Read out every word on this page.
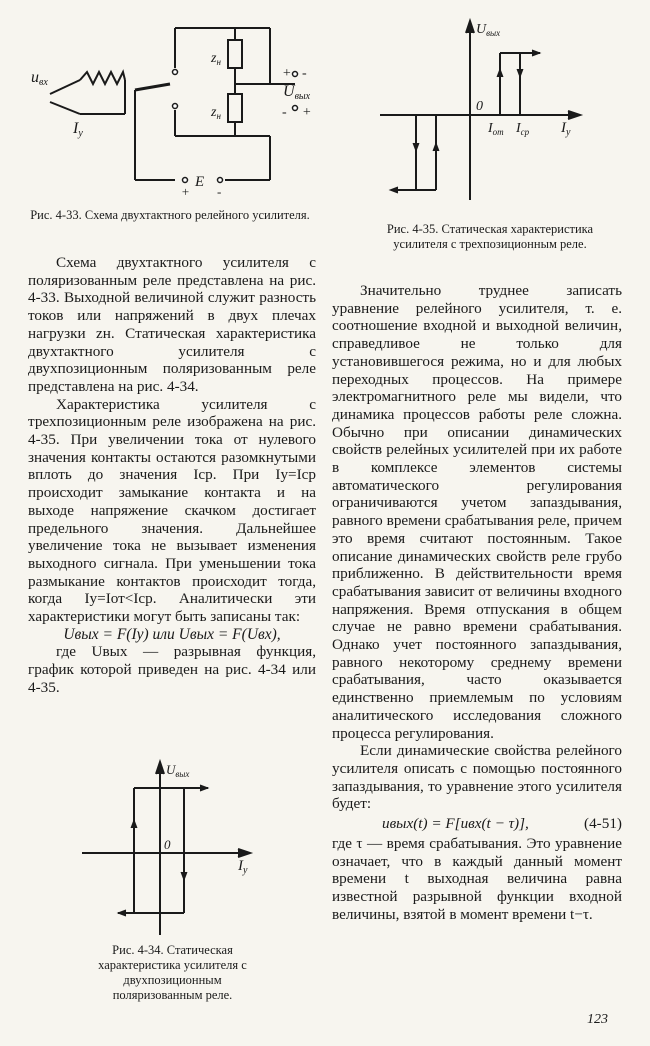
uвх
Iу
$z_н$
$z_н$
Uвых
E
+ -
- +
+ -
Рис. 4-33. Схема двухтактного релейного усилителя.
$U_{вых}$
0
$I_{от}$ $I_{ср}$ $I_у$
Рис. 4-35. Статическая характеристика усилителя с трехпозиционным реле.

Схема двухтактного усилителя с поляризованным реле представлена на рис. 4-33. Выходной величиной служит разность токов или напряжений в двух плечах нагрузки zн. Статическая характеристика двухтактного усилителя с двухпозиционным поляризованным реле представлена на рис. 4-34.

Характеристика усилителя с трехпозиционным реле изображена на рис. 4-35. При увеличении тока от нулевого значения контакты остаются разомкнутыми вплоть до значения Iср. При Iу=Iср происходит замыкание контакта и на выходе напряжение скачком достигает предельного значения. Дальнейшее увеличение тока не вызывает изменения выходного сигнала. При уменьшении тока размыкание контактов происходит тогда, когда Iу=Iот<Iср. Аналитически эти характеристики могут быть записаны так:

Uвых = F(Iу) или Uвых = F(Uвх),

где Uвых — разрывная функция, график которой приведен на рис. 4-34 или 4-35.

$U_{вых}$
0
$I_у$
Рис. 4-34. Статическая характеристика усилителя с двухпозиционным поляризованным реле.

Значительно труднее записать уравнение релейного усилителя, т. е. соотношение входной и выходной величин, справедливое не только для установившегося режима, но и для любых переходных процессов. На примере электромагнитного реле мы видели, что динамика процессов работы реле сложна. Обычно при описании динамических свойств релейных усилителей при их работе в комплексе элементов системы автоматического регулирования ограничиваются учетом запаздывания, равного времени срабатывания реле, причем это время считают постоянным. Такое описание динамических свойств реле грубо приближенно. В действительности время срабатывания зависит от величины входного напряжения. Время отпускания в общем случае не равно времени срабатывания. Однако учет постоянного запаздывания, равного некоторому среднему времени срабатывания, часто оказывается единственно приемлемым по условиям аналитического исследования сложного процесса регулирования.

Если динамические свойства релейного усилителя описать с помощью постоянного запаздывания, то уравнение этого усилителя будет:

uвых(t) = F[uвх(t − τ)],	(4-51)

где τ — время срабатывания. Это уравнение означает, что в каждый данный момент времени t выходная величина равна известной разрывной функции входной величины, взятой в момент времени t−τ.

123
